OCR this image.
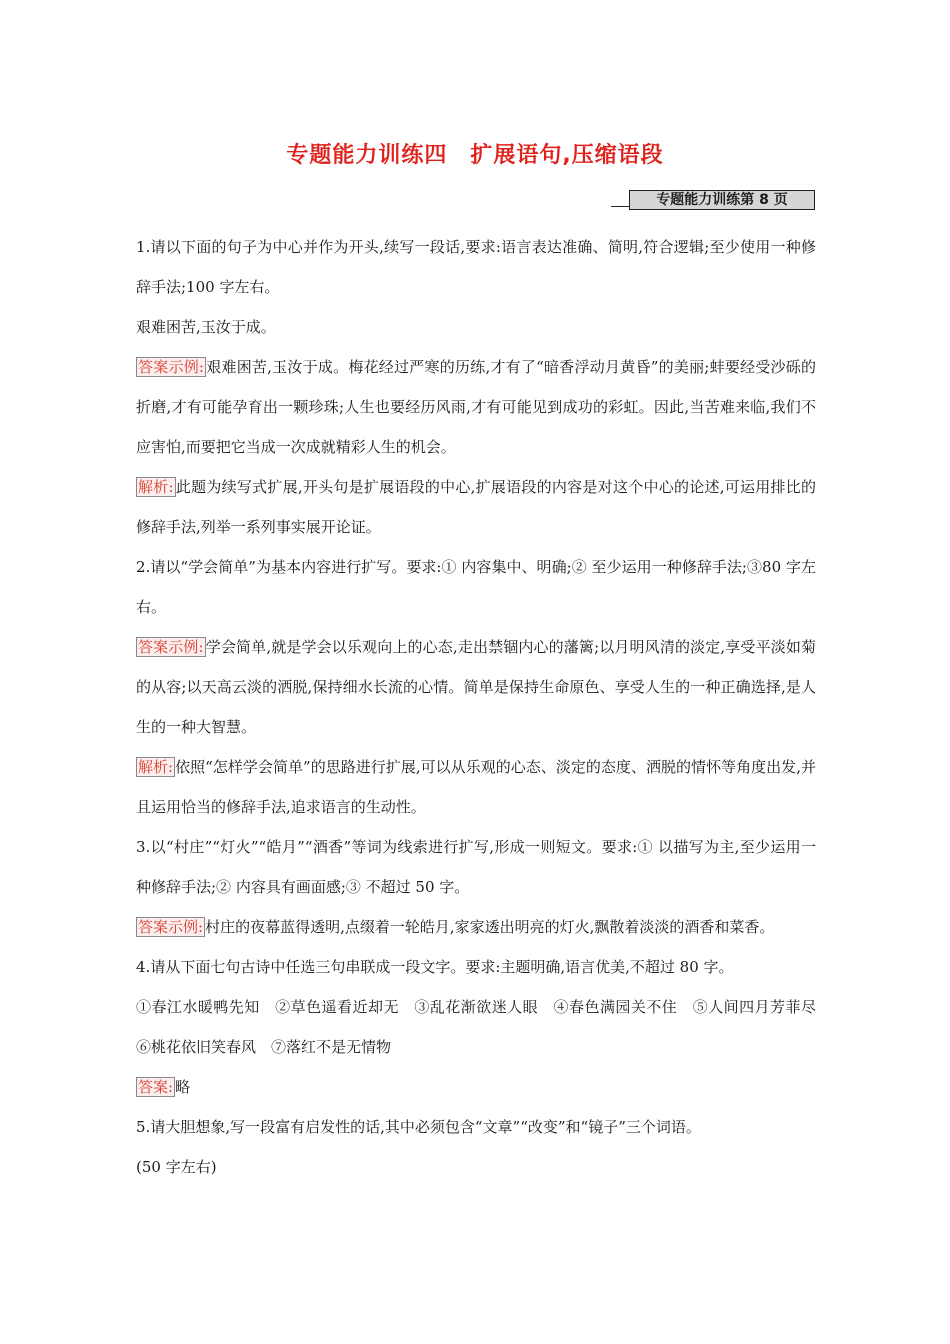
专题能力训练四　扩展语句,压缩语段
专题能力训练第 8 页

1.请以下面的句子为中心并作为开头,续写一段话,要求:语言表达准确、简明,符合逻辑;至少使用一种修辞手法;100 字左右。

艰难困苦,玉汝于成。

答案示例: 艰难困苦,玉汝于成。梅花经过严寒的历练,才有了“暗香浮动月黄昏”的美丽;蚌要经受沙砾的折磨,才有可能孕育出一颗珍珠;人生也要经历风雨,才有可能见到成功的彩虹。因此,当苦难来临,我们不应害怕,而要把它当成一次成就精彩人生的机会。

解析: 此题为续写式扩展,开头句是扩展语段的中心,扩展语段的内容是对这个中心的论述,可运用排比的修辞手法,列举一系列事实展开论证。

2.请以“学会简单”为基本内容进行扩写。要求:① 内容集中、明确;② 至少运用一种修辞手法;③80 字左右。

答案示例: 学会简单,就是学会以乐观向上的心态,走出禁锢内心的藩篱;以月明风清的淡定,享受平淡如菊的从容;以天高云淡的洒脱,保持细水长流的心情。简单是保持生命原色、享受人生的一种正确选择,是人生的一种大智慧。

解析: 依照“怎样学会简单”的思路进行扩展,可以从乐观的心态、淡定的态度、洒脱的情怀等角度出发,并且运用恰当的修辞手法,追求语言的生动性。

3.以“村庄”“灯火”“皓月”“酒香”等词为线索进行扩写,形成一则短文。要求:① 以描写为主,至少运用一种修辞手法;② 内容具有画面感;③ 不超过 50 字。

答案示例: 村庄的夜幕蓝得透明,点缀着一轮皓月,家家透出明亮的灯火,飘散着淡淡的酒香和菜香。

4.请从下面七句古诗中任选三句串联成一段文字。要求:主题明确,语言优美,不超过 80 字。

①春江水暖鸭先知　②草色遥看近却无　③乱花渐欲迷人眼　④春色满园关不住　⑤人间四月芳菲尽　⑥桃花依旧笑春风　⑦落红不是无情物

答案: 略

5.请大胆想象,写一段富有启发性的话,其中必须包含“文章”“改变”和“镜子”三个词语。

(50 字左右)
